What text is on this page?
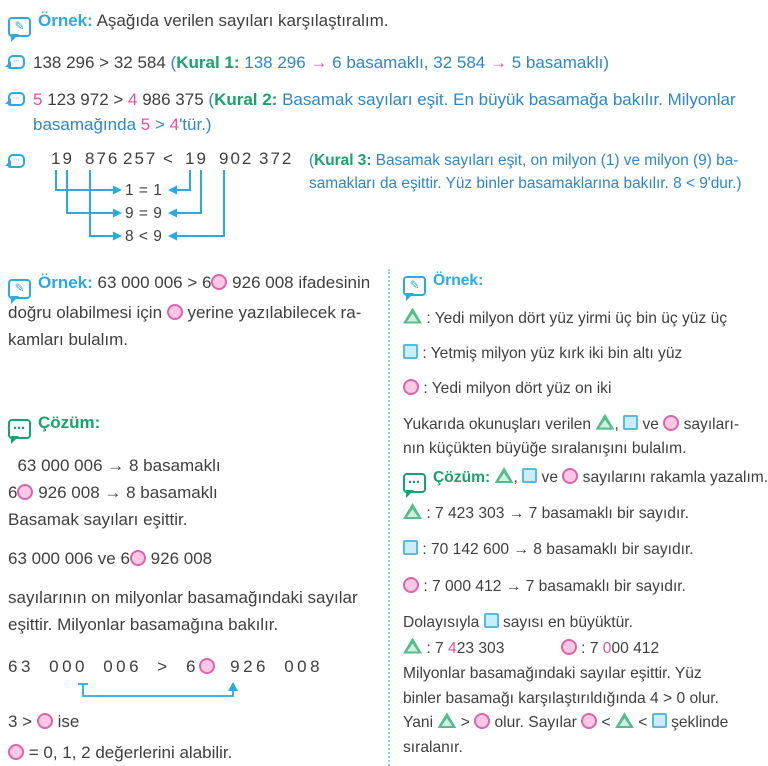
✎ Örnek: Aşağıda verilen sayıları karşılaştıralım.
⋯ 138 296 > 32 584 (Kural 1: 138 296 → 6 basamaklı, 32 584 → 5 basamaklı)

⋯ 5 123 972 > 4 986 375 (Kural 2: Basamak sayıları eşit. En büyük basamağa bakılır. Milyonlar
basamağında 5 > 4'tür.)

⋯ 19 876 257 < 19 902 372
1 = 1
9 = 9
8 < 9

(Kural 3: Basamak sayıları eşit, on milyon (1) ve milyon (9) ba-
samakları da eşittir. Yüz binler basamaklarına bakılır. 8 < 9'dur.)

✎ Örnek: 63 000 006 > 6 926 008 ifadesinin
doğru olabilmesi için  yerine yazılabilecek ra-
kamları bulalım.

⋯ Çözüm:

63 000 006 → 8 basamaklı
6 926 008 → 8 basamaklı
Basamak sayıları eşittir.

63 000 006 ve 6 926 008

sayılarının on milyonlar basamağındaki sayılar
eşittir. Milyonlar basamağına bakılır.

63 000 006 > 6 926 008

3 >  ise

= 0, 1, 2 değerlerini alabilir.

✎ Örnek:

: Yedi milyon dört yüz yirmi üç bin üç yüz üç

: Yetmiş milyon yüz kırk iki bin altı yüz

: Yedi milyon dört yüz on iki

Yukarıda okunuşları verilen ,  ve  sayıları-
nın küçükten büyüğe sıralanışını bulalım.

⋯ Çözüm: ,  ve  sayılarını rakamla yazalım.

: 7 423 303 → 7 basamaklı bir sayıdır.

: 70 142 600 → 8 basamaklı bir sayıdır.

: 7 000 412 → 7 basamaklı bir sayıdır.

Dolayısıyla  sayısı en büyüktür.

: 7 423 303	: 7 000 412

Milyonlar basamağındaki sayılar eşittir. Yüz
binler basamağı karşılaştırıldığında 4 > 0 olur.
Yani  >  olur. Sayılar  <  <  şeklinde
sıralanır.
